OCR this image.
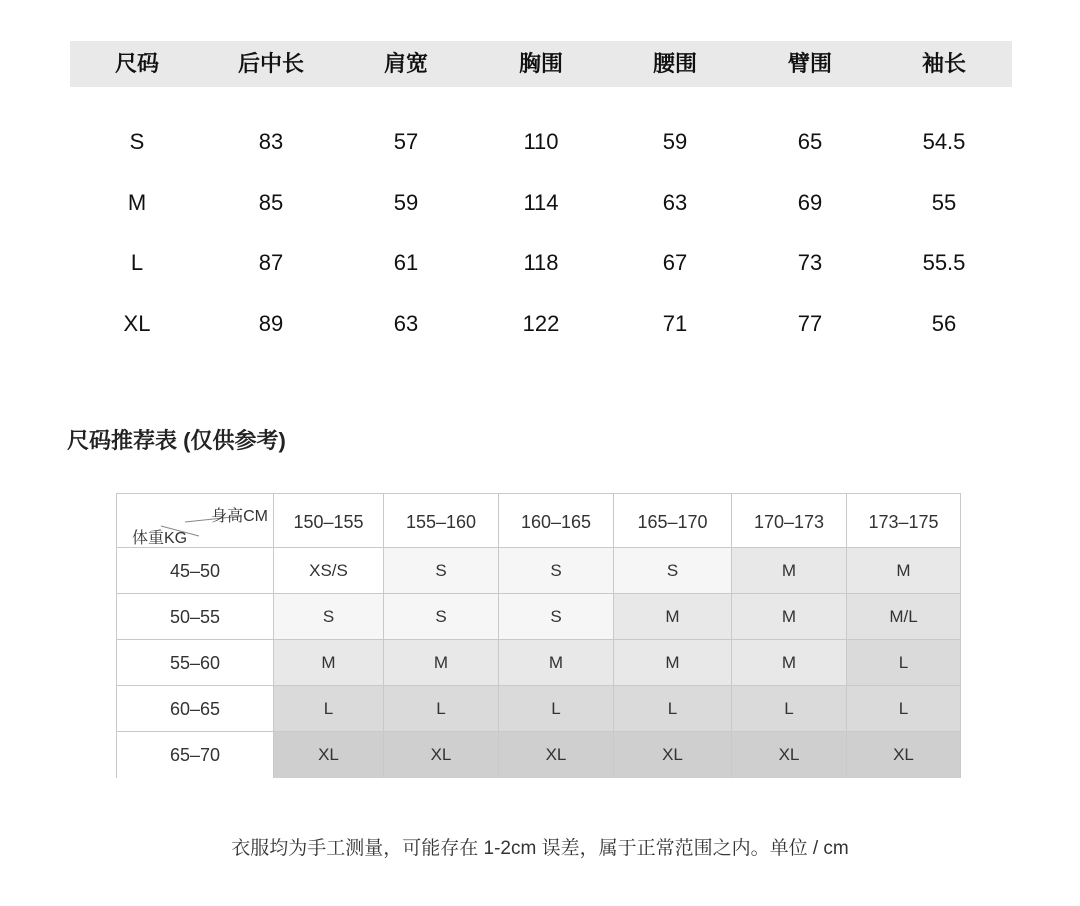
尺码	后中长	肩宽	胸围	腰围	臂围	袖长
S	83	57	110	59	65	54.5
M	85	59	114	63	69	55
L	87	61	118	67	73	55.5
XL	89	63	122	71	77	56
尺码推荐表 (仅供参考)
身高CM
体重KG
150–155	155–160	160–165	165–170	170–173	173–175
45–50	XS/S	S	S	S	M	M
50–55	S	S	S	M	M	M/L
55–60	M	M	M	M	M	L
60–65	L	L	L	L	L	L
65–70	XL	XL	XL	XL	XL	XL
衣服均为手工测量，可能存在 1-2cm 误差，属于正常范围之内。单位 / cm
